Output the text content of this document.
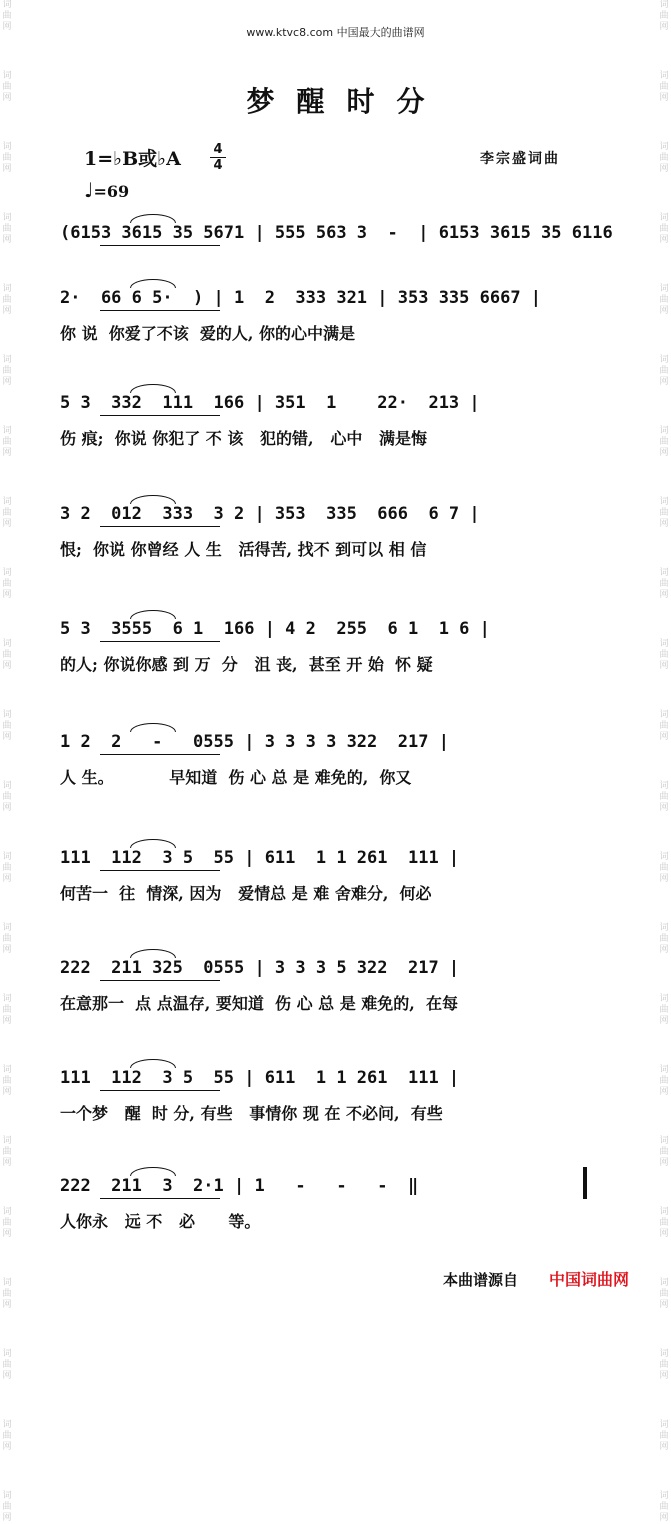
词
曲
网
词
曲
网
词
曲
网
词
曲
网
词
曲
网
词
曲
网
词
曲
网
词
曲
网
词
曲
网
词
曲
网
词
曲
网
词
曲
网
词
曲
网
词
曲
网
词
曲
网
词
曲
网
词
曲
网
词
曲
网
词
曲
网
词
曲
网
词
曲
网
词
曲
网
词
曲
网
词
曲
网
词
曲
网
词
曲
网
词
曲
网
词
曲
网
词
曲
网
词
曲
网
词
曲
网
词
曲
网
词
曲
网
词
曲
网
词
曲
网
词
曲
网
词
曲
网
词
曲
网
词
曲
网
词
曲
网
词
曲
网
词
曲
网
词
曲
网
词
曲
网
www.ktvc8.com 中国最大的曲谱网
梦醒时分
1=♭B或♭A	4
4
♩=69
李宗盛词曲
(6153 3615 35 5671 | 555 563 3  -  | 6153 3615 35 6116
2·  66 6 5·  ) | 1  2  333 321 | 353 335 6667 |
你 说  你爱了不该  爱的人, 你的心中满是
5 3  332  111  166 | 351  1    22·  213 |
伤 痕;  你说 你犯了 不 该   犯的错,   心中   满是悔
3 2  012  333  3 2 | 353  335  666  6 7 |
恨;  你说 你曾经 人 生   活得苦, 找不 到可以 相 信
5 3  3555  6 1  166 | 4 2  255  6 1  1 6 |
的人; 你说你感 到 万  分   沮 丧,  甚至 开 始  怀 疑
1 2  2   -   0555 | 3 3 3 3 322  217 |
人 生。          早知道  伤 心 总 是 难免的,  你又
111  112  3 5  55 | 611  1 1 261  111 |
何苦一  往  情深, 因为   爱情总 是 难 舍难分,  何必
222  211 325  0555 | 3 3 3 5 322  217 |
在意那一  点 点温存, 要知道  伤 心 总 是 难免的,  在每
111  112  3 5  55 | 611  1 1 261  111 |
一个梦   醒  时 分, 有些   事情你 现 在 不必问,  有些
222  211  3  2·1 | 1   -   -   -  ‖
人你永   远 不   必      等。
本曲谱源自 中国词曲网
